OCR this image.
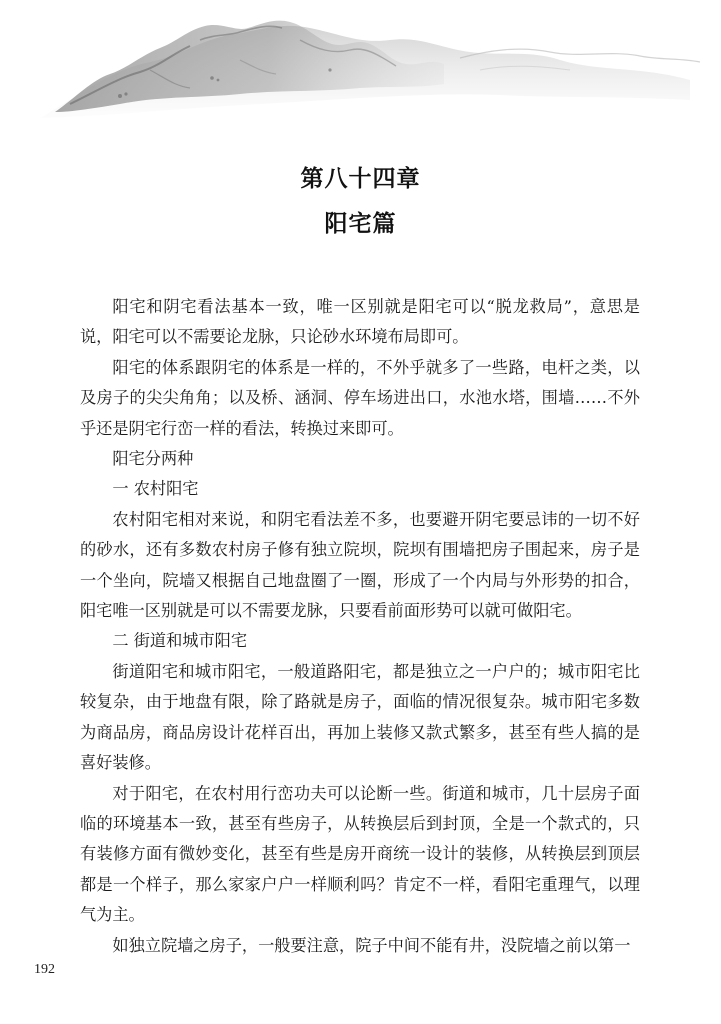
第八十四章
阳宅篇

阳宅和阴宅看法基本一致，唯一区别就是阳宅可以“脱龙救局”，意思是说，阳宅可以不需要论龙脉，只论砂水环境布局即可。

阳宅的体系跟阴宅的体系是一样的，不外乎就多了一些路，电杆之类，以及房子的尖尖角角；以及桥、涵洞、停车场进出口，水池水塔，围墙……不外乎还是阴宅行峦一样的看法，转换过来即可。

阳宅分两种

一 农村阳宅

农村阳宅相对来说，和阴宅看法差不多，也要避开阴宅要忌讳的一切不好的砂水，还有多数农村房子修有独立院坝，院坝有围墙把房子围起来，房子是一个坐向，院墙又根据自己地盘圈了一圈，形成了一个内局与外形势的扣合，阳宅唯一区别就是可以不需要龙脉，只要看前面形势可以就可做阳宅。

二 街道和城市阳宅

街道阳宅和城市阳宅，一般道路阳宅，都是独立之一户户的；城市阳宅比较复杂，由于地盘有限，除了路就是房子，面临的情况很复杂。城市阳宅多数为商品房，商品房设计花样百出，再加上装修又款式繁多，甚至有些人搞的是喜好装修。

对于阳宅，在农村用行峦功夫可以论断一些。街道和城市，几十层房子面临的环境基本一致，甚至有些房子，从转换层后到封顶，全是一个款式的，只有装修方面有微妙变化，甚至有些是房开商统一设计的装修，从转换层到顶层都是一个样子，那么家家户户一样顺利吗？肯定不一样，看阳宅重理气，以理气为主。

如独立院墙之房子，一般要注意，院子中间不能有井，没院墙之前以第一

192
